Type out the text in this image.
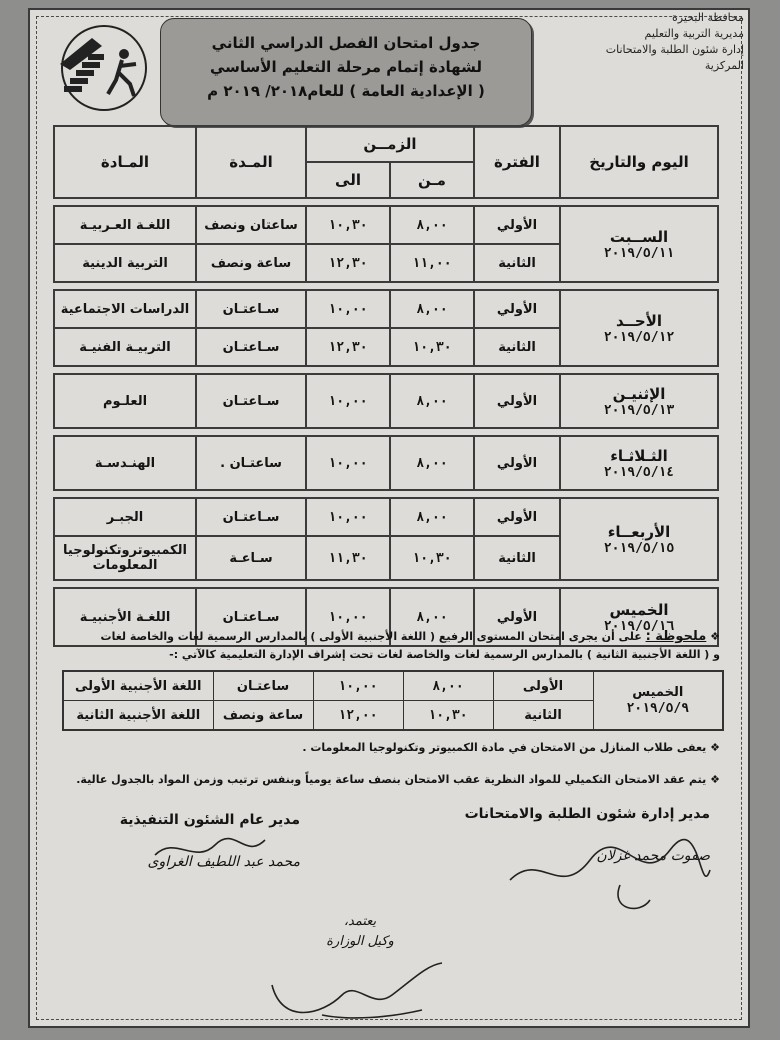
محافظة البحيرة
مديرية التربية والتعليم
إدارة شئون الطلبة والامتحانات
المركزية
جدول امتحان الفصل الدراسي الثاني
لشهادة إتمام مرحلة التعليم الأساسي
( الإعدادية العامة ) للعام٢٠١٨/ ٢٠١٩ م
اليوم والتاريخ	الفترة	الزمــن		المـدة	المـادة
		مـن	الى		

الســبت
٢٠١٩/٥/١١	الأولي	٨,٠٠	١٠,٣٠	ساعتان ونصف	اللغـة العـربيـة
	الثانية	١١,٠٠	١٢,٣٠	ساعة ونصف	التربية الدينية

الأحــد
٢٠١٩/٥/١٢	الأولي	٨,٠٠	١٠,٠٠	سـاعتـان	الدراسات الاجتماعية
	الثانية	١٠,٣٠	١٢,٣٠	سـاعتـان	التربيـة الفنيـة

الإثنيـن
٢٠١٩/٥/١٣	الأولي	٨,٠٠	١٠,٠٠	سـاعتـان	العلـوم

الثـلاثـاء
٢٠١٩/٥/١٤	الأولي	٨,٠٠	١٠,٠٠	ساعتـان .	الهنـدسـة

الأربعــاء
٢٠١٩/٥/١٥	الأولي	٨,٠٠	١٠,٠٠	سـاعتـان	الجبـر
	الثانية	١٠,٣٠	١١,٣٠	سـاعـة	الكمبيوتروتكنولوجيا المعلومات

الخميس
٢٠١٩/٥/١٦	الأولي	٨,٠٠	١٠,٠٠	سـاعتـان	اللغـة الأجنبيـة
❖ ملحوظة : على أن يجرى امتحان المستوى الرفيع ( اللغة الأجنبية الأولى ) بالمدارس الرسمية لغات والخاصة لغات
و ( اللغة الأجنبية الثانية ) بالمدارس الرسمية لغات والخاصة لغات تحت إشراف الإدارة التعليمية كالآتي :-
الخميس
٢٠١٩/٥/٩	الأولى	٨,٠٠	١٠,٠٠	ساعتـان	اللغة الأجنبية الأولى
	الثانية	١٠,٣٠	١٢,٠٠	ساعة ونصف	اللغة الأجنبية الثانية
❖ يعفى طلاب المنازل من الامتحان في مادة الكمبيوتر وتكنولوجيا المعلومات .
❖ يتم عقد الامتحان التكميلي للمواد النظرية عقب الامتحان بنصف ساعة يومياً وبنفس ترتيب وزمن المواد بالجدول عالية.
مدير إدارة شئون الطلبة والامتحانات
صفوت محمد غزلان
مدير عام الشئون التنفيذية
محمد عبد اللطيف الغراوى
يعتمد،
وكيل الوزارة
